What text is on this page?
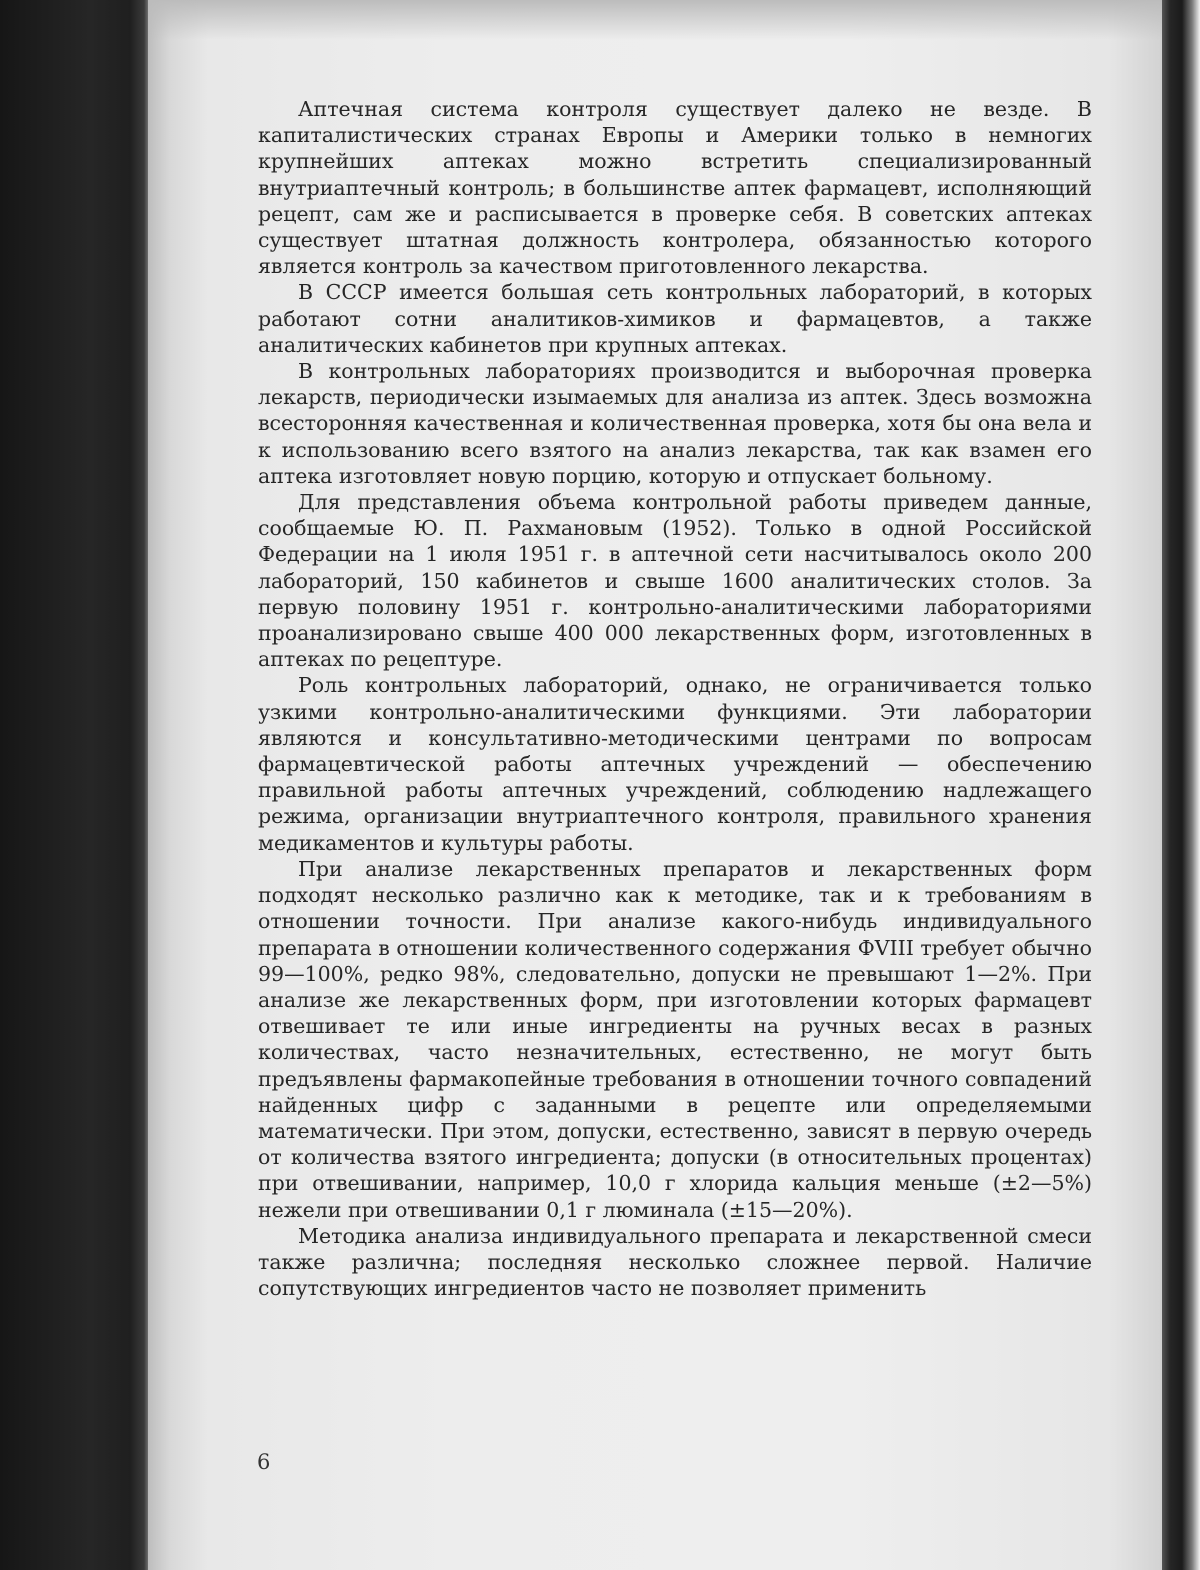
Аптечная система контроля существует далеко не везде. В капиталистических странах Европы и Америки только в немногих крупнейших аптеках можно встретить специализированный внутриаптечный контроль; в большинстве аптек фармацевт, исполняющий рецепт, сам же и расписывается в проверке себя. В советских аптеках существует штатная должность контролера, обязанностью которого является контроль за качеством приготовленного лекарства.

В СССР имеется большая сеть контрольных лабораторий, в которых работают сотни аналитиков-химиков и фармацевтов, а также аналитических кабинетов при крупных аптеках.

В контрольных лабораториях производится и выборочная проверка лекарств, периодически изымаемых для анализа из аптек. Здесь возможна всесторонняя качественная и количественная проверка, хотя бы она вела и к использованию всего взятого на анализ лекарства, так как взамен его аптека изготовляет новую порцию, которую и отпускает больному.

Для представления объема контрольной работы приведем данные, сообщаемые Ю. П. Рахмановым (1952). Только в одной Российской Федерации на 1 июля 1951 г. в аптечной сети насчитывалось около 200 лабораторий, 150 кабинетов и свыше 1600 аналитических столов. За первую половину 1951 г. контрольно-аналитическими лабораториями проанализировано свыше 400 000 лекарственных форм, изготовленных в аптеках по рецептуре.

Роль контрольных лабораторий, однако, не ограничивается только узкими контрольно-аналитическими функциями. Эти лаборатории являются и консультативно-методическими центрами по вопросам фармацевтической работы аптечных учреждений — обеспечению правильной работы аптечных учреждений, соблюдению надлежащего режима, организации внутриаптечного контроля, правильного хранения медикаментов и культуры работы.

При анализе лекарственных препаратов и лекарственных форм подходят несколько различно как к методике, так и к требованиям в отношении точности. При анализе какого-нибудь индивидуального препарата в отношении количественного содержания ФVIII требует обычно 99—100%, редко 98%, следовательно, допуски не превышают 1—2%. При анализе же лекарственных форм, при изготовлении которых фармацевт отвешивает те или иные ингредиенты на ручных весах в разных количествах, часто незначительных, естественно, не могут быть предъявлены фармакопейные требования в отношении точного совпадений найденных цифр с заданными в рецепте или определяемыми математически. При этом, допуски, естественно, зависят в первую очередь от количества взятого ингредиента; допуски (в относительных процентах) при отвешивании, например, 10,0 г хлорида кальция меньше (±2—5%) нежели при отвешивании 0,1 г люминала (±15—20%).

Методика анализа индивидуального препарата и лекарственной смеси также различна; последняя несколько сложнее первой. Наличие сопутствующих ингредиентов часто не позволяет применить

6
